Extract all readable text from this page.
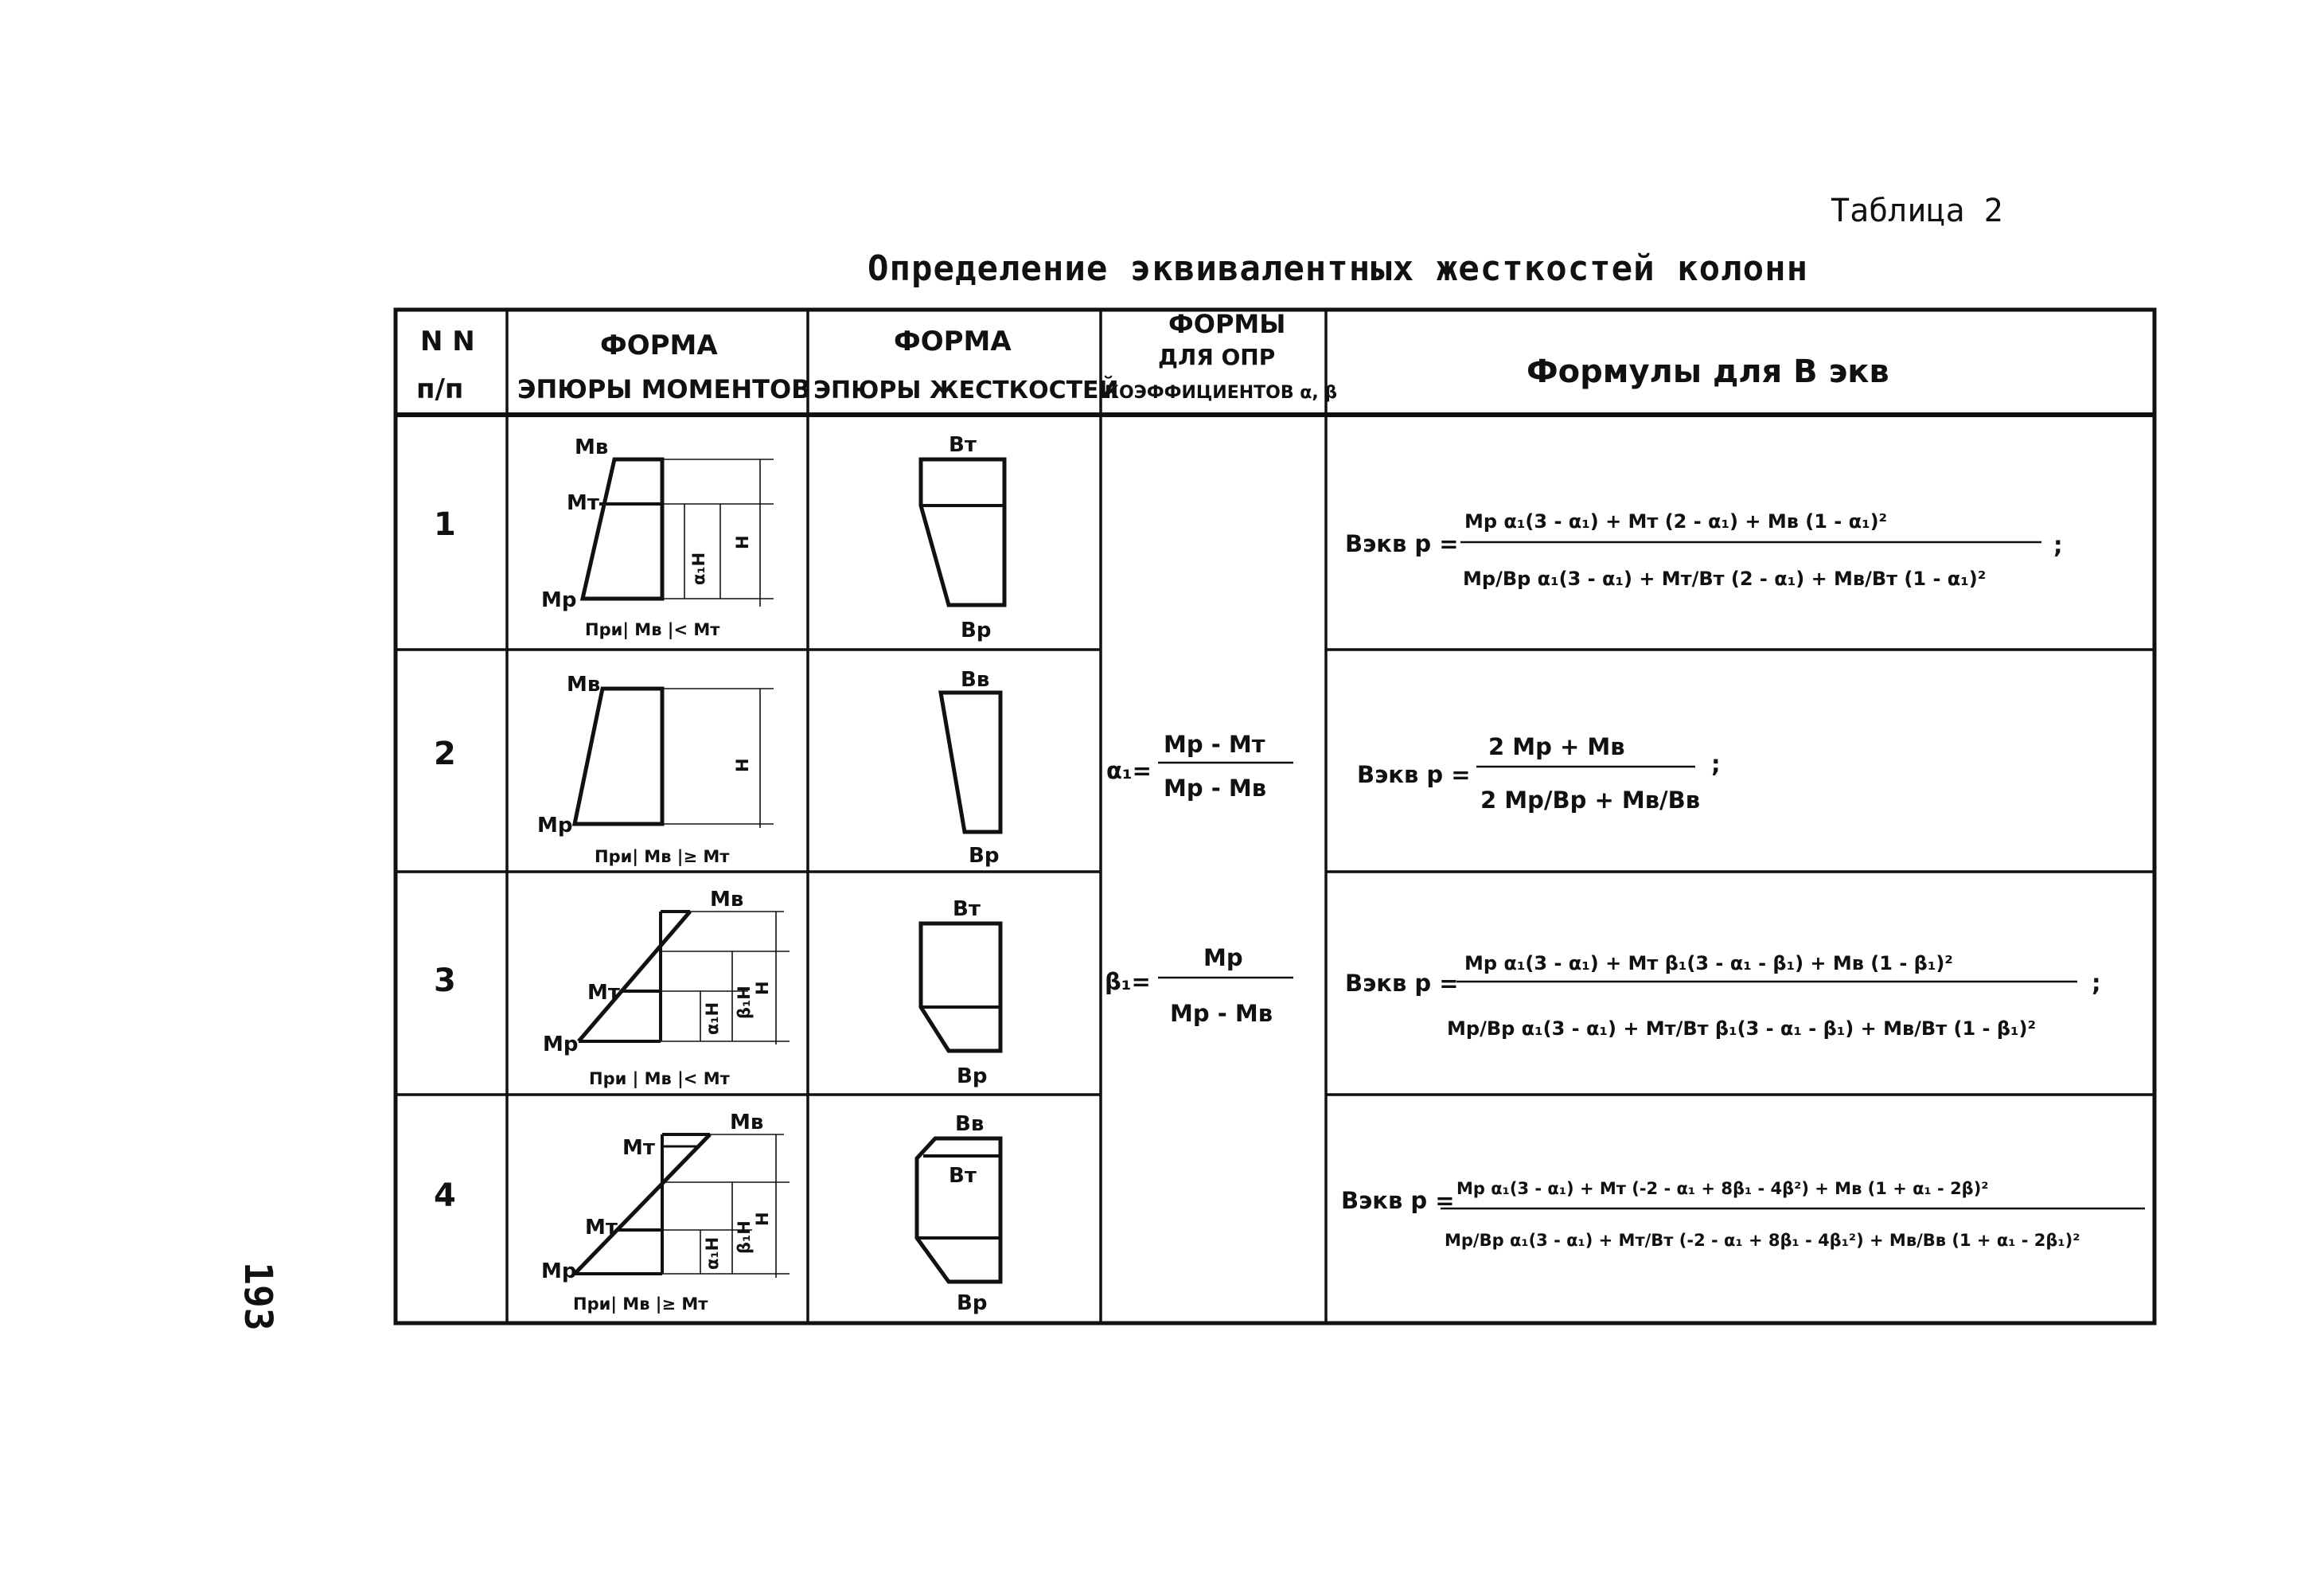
Таблица 2
Определение эквивалентных жесткостей колонн
193
N N
п/п
ФОРМА
ЭПЮРЫ МОМЕНТОВ
ФОРМА
ЭПЮРЫ ЖЕСТКОСТЕЙ
ФОРМЫ
ДЛЯ ОПР
КОЭФФИЦИЕНТОВ α, β
Формулы для В экв
1
2
3
4
Mв
Mт
Mр
α₁H
H
При| Mв |< Mт
Bт
Bр
Mв
Mр
H
При| Mв |≥ Mт
Bв
Bр
Mв
Mт
Mр
α₁H β₁H H
При | Mв |< Mт
Bт
Bр
Mв
Mт
Mт
Mр
α₁H β₁H
H
При| Mв |≥ Mт
Bв
Bт
Bр
α₁=
Mр - Mт
Mр - Mв
β₁=
Mр
Mр - Mв
Bэкв р =
Mр α₁(3 - α₁) + Mт (2 - α₁) + Mв (1 - α₁)²
Mр/Bр α₁(3 - α₁) + Mт/Bт (2 - α₁) + Mв/Bт (1 - α₁)²
;
Bэкв р =
2 Mр + Mв
2 Mр/Bр + Mв/Bв
;
Bэкв р =
Mр α₁(3 - α₁) + Mт β₁(3 - α₁ - β₁) + Mв (1 - β₁)²
Mр/Bр α₁(3 - α₁) + Mт/Bт β₁(3 - α₁ - β₁) + Mв/Bт (1 - β₁)²
;
Bэкв р = Mр α₁(3 - α₁) + Mт (-2 - α₁ + 8β₁ - 4β²) + Mв (1 + α₁ - 2β)²
Mр/Bр α₁(3 - α₁) + Mт/Bт (-2 - α₁ + 8β₁ - 4β₁²) + Mв/Bв (1 + α₁ - 2β₁)²
